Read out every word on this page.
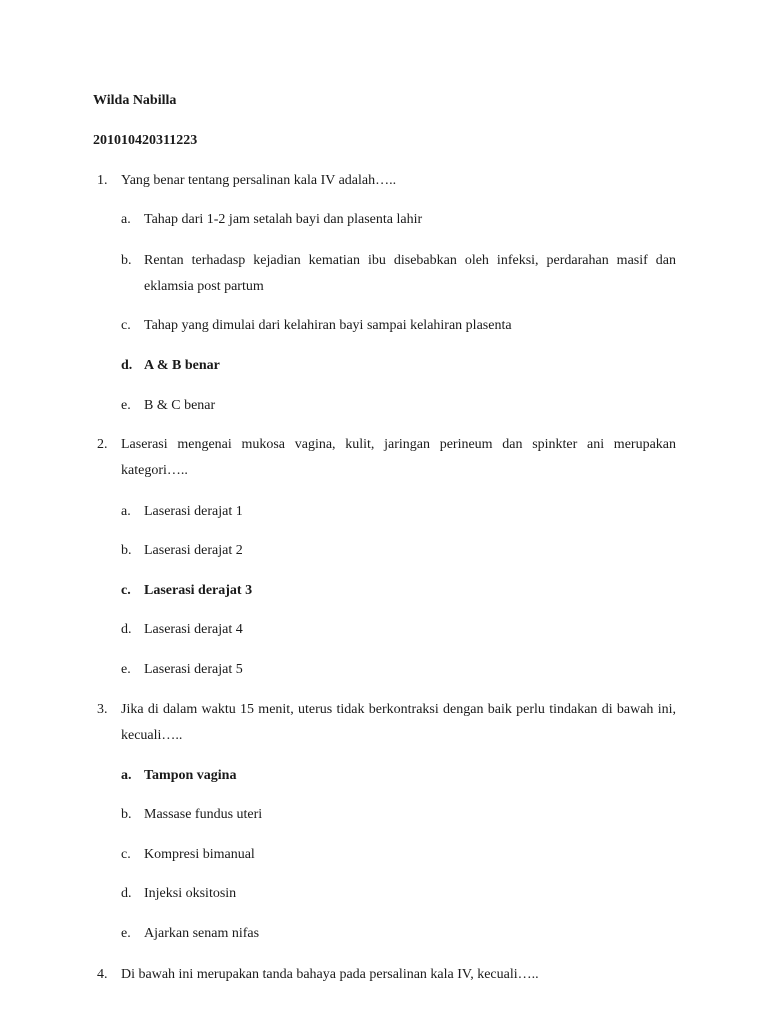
Wilda Nabilla
201010420311223
1. Yang benar tentang persalinan kala IV adalah…..
a. Tahap dari 1-2 jam setalah bayi dan plasenta lahir
b. Rentan terhadasp kejadian kematian ibu disebabkan oleh infeksi, perdarahan masif dan eklamsia post partum
c. Tahap yang dimulai dari kelahiran bayi sampai kelahiran plasenta
d. A & B benar
e. B & C benar
2. Laserasi mengenai mukosa vagina, kulit, jaringan perineum dan spinkter ani merupakan kategori…..
a. Laserasi derajat 1
b. Laserasi derajat 2
c. Laserasi derajat 3
d. Laserasi derajat 4
e. Laserasi derajat 5
3. Jika di dalam waktu 15 menit, uterus tidak berkontraksi dengan baik perlu tindakan di bawah ini, kecuali…..
a. Tampon vagina
b. Massase fundus uteri
c. Kompresi bimanual
d. Injeksi oksitosin
e. Ajarkan senam nifas
4. Di bawah ini merupakan tanda bahaya pada persalinan kala IV, kecuali…..
